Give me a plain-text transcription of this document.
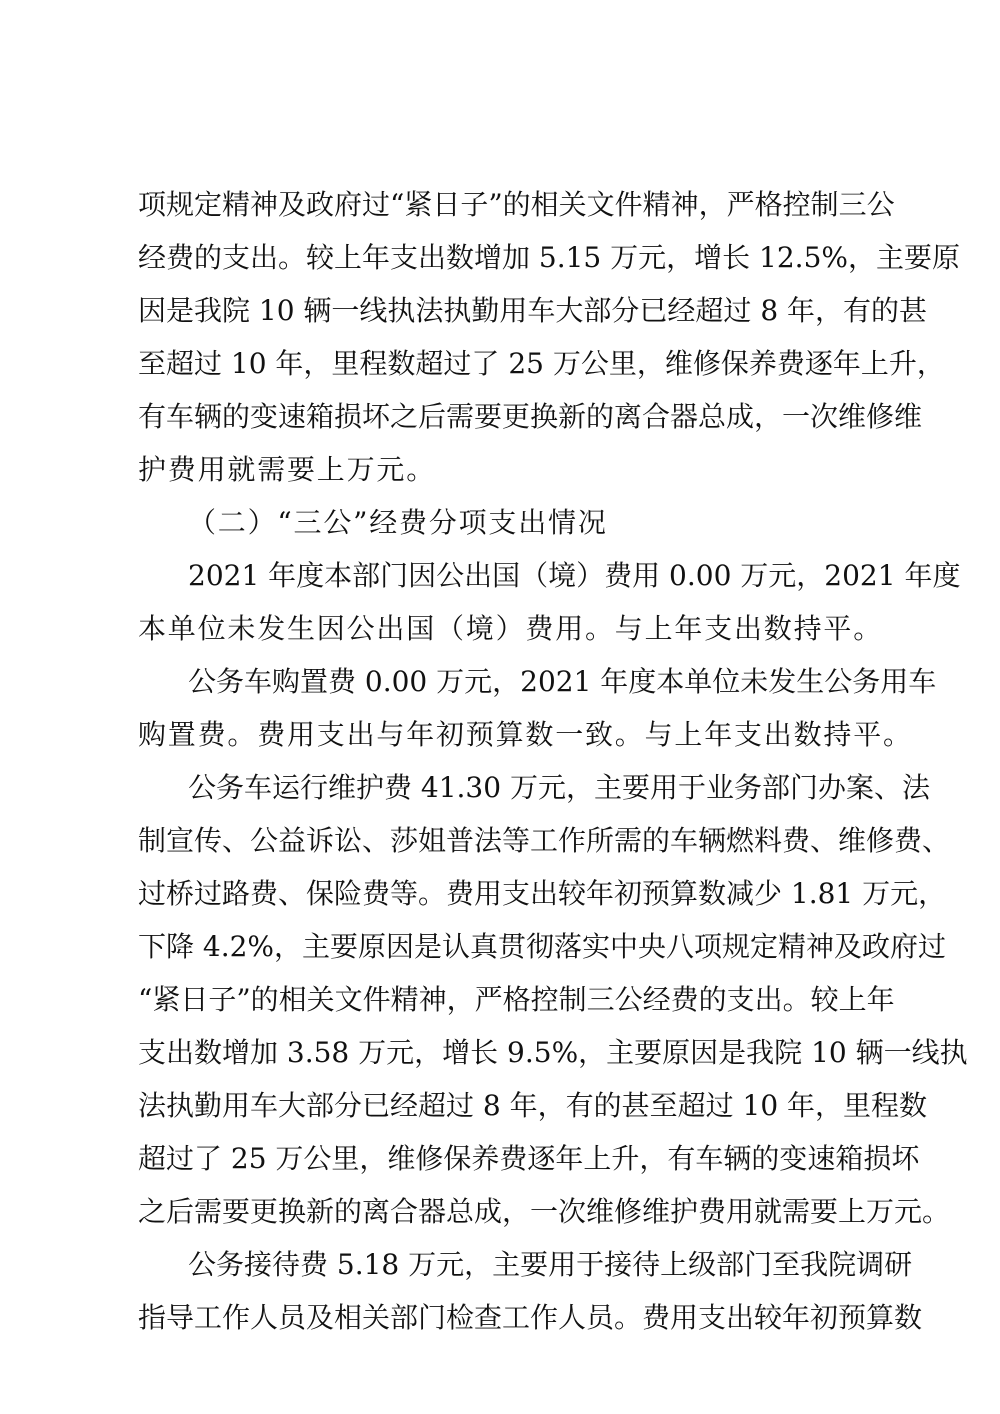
项规定精神及政府过“紧日子”的相关文件精神，严格控制三公
经费的支出。较上年支出数增加 5.15 万元，增长 12.5%，主要原
因是我院 10 辆一线执法执勤用车大部分已经超过 8 年，有的甚
至超过 10 年，里程数超过了 25 万公里，维修保养费逐年上升，
有车辆的变速箱损坏之后需要更换新的离合器总成，一次维修维
护费用就需要上万元。
（二）“三公”经费分项支出情况
2021 年度本部门因公出国（境）费用 0.00 万元，2021 年度
本单位未发生因公出国（境）费用。与上年支出数持平。
公务车购置费 0.00 万元，2021 年度本单位未发生公务用车
购置费。费用支出与年初预算数一致。与上年支出数持平。
公务车运行维护费 41.30 万元，主要用于业务部门办案、法
制宣传、公益诉讼、莎姐普法等工作所需的车辆燃料费、维修费、
过桥过路费、保险费等。费用支出较年初预算数减少 1.81 万元，
下降 4.2%，主要原因是认真贯彻落实中央八项规定精神及政府过
“紧日子”的相关文件精神，严格控制三公经费的支出。较上年
支出数增加 3.58 万元，增长 9.5%，主要原因是我院 10 辆一线执
法执勤用车大部分已经超过 8 年，有的甚至超过 10 年，里程数
超过了 25 万公里，维修保养费逐年上升，有车辆的变速箱损坏
之后需要更换新的离合器总成，一次维修维护费用就需要上万元。
公务接待费 5.18 万元，主要用于接待上级部门至我院调研
指导工作人员及相关部门检查工作人员。费用支出较年初预算数
